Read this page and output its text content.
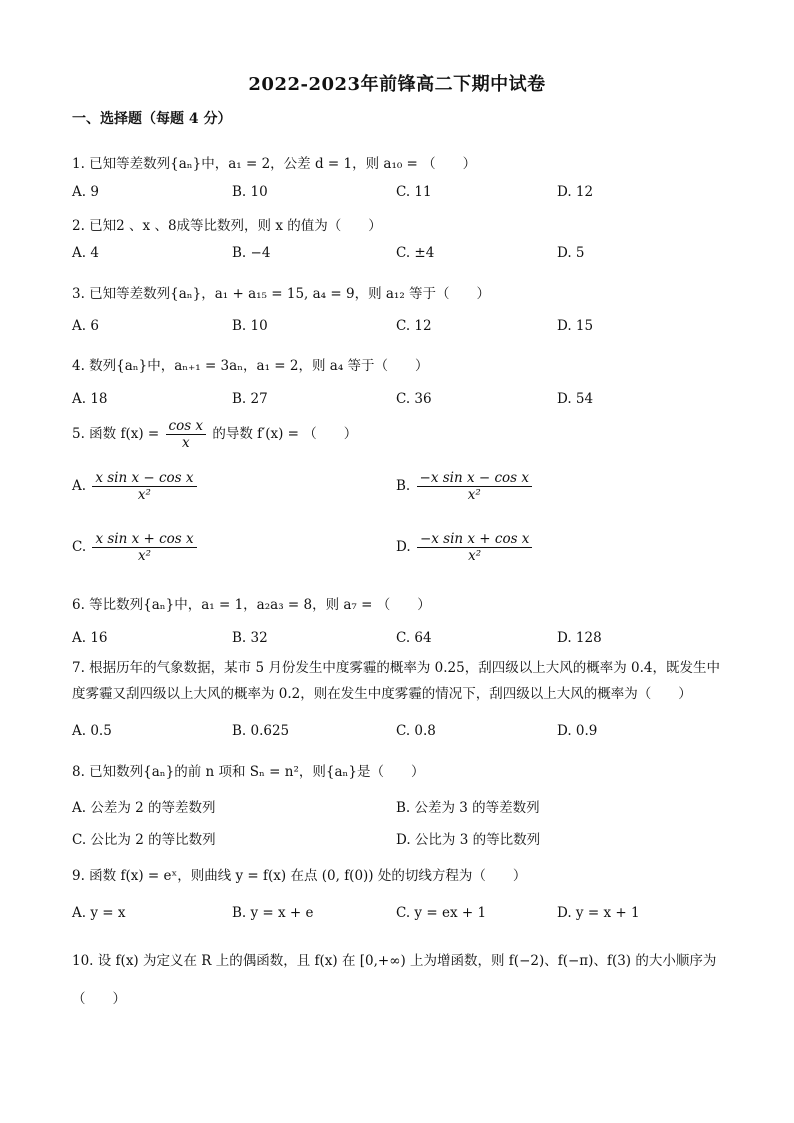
2022-2023年前锋高二下期中试卷
一、选择题（每题 4 分）
1. 已知等差数列{aₙ}中，a₁ = 2，公差 d = 1，则 a₁₀ = （　　）
A. 9	B. 10	C. 11	D. 12
2. 已知2 、x 、8成等比数列，则 x 的值为（　　）
A. 4	B. −4	C. ±4	D. 5
3. 已知等差数列{aₙ}，a₁ + a₁₅ = 15, a₄ = 9，则 a₁₂ 等于（　　）
A. 6	B. 10	C. 12	D. 15
4. 数列{aₙ}中，aₙ₊₁ = 3aₙ，a₁ = 2，则 a₄ 等于（　　）
A. 18	B. 27	C. 36	D. 54
5. 函数 $f(x) = \frac{\text{cos x}}{x}$ 的导数 f′(x) = （　　）
A. $\frac{\text{x sin x − cos x}}{\text{x²}}$	B. $\frac{\text{−x sin x − cos x}}{\text{x²}}$
C. $\frac{\text{x sin x + cos x}}{\text{x²}}$	D. $\frac{\text{−x sin x + cos x}}{\text{x²}}$
6. 等比数列{aₙ}中，a₁ = 1，a₂a₃ = 8，则 a₇ = （　　）
A. 16	B. 32	C. 64	D. 128
7. 根据历年的气象数据，某市 5 月份发生中度雾霾的概率为 0.25，刮四级以上大风的概率为 0.4，既发生中度雾霾又刮四级以上大风的概率为 0.2，则在发生中度雾霾的情况下，刮四级以上大风的概率为（　　）
A. 0.5	B. 0.625	C. 0.8	D. 0.9
8. 已知数列{aₙ}的前 n 项和 Sₙ = n²，则{aₙ}是（　　）
A. 公差为 2 的等差数列	B. 公差为 3 的等差数列
C. 公比为 2 的等比数列	D. 公比为 3 的等比数列
9. 函数 f(x) = eˣ，则曲线 y = f(x) 在点 (0, f(0)) 处的切线方程为（　　）
A. y = x	B. y = x + e	C. y = ex + 1	D. y = x + 1
10. 设 f(x) 为定义在 R 上的偶函数，且 f(x) 在 [0,+∞) 上为增函数，则 f(−2)、f(−π)、f(3) 的大小顺序为（　　）
